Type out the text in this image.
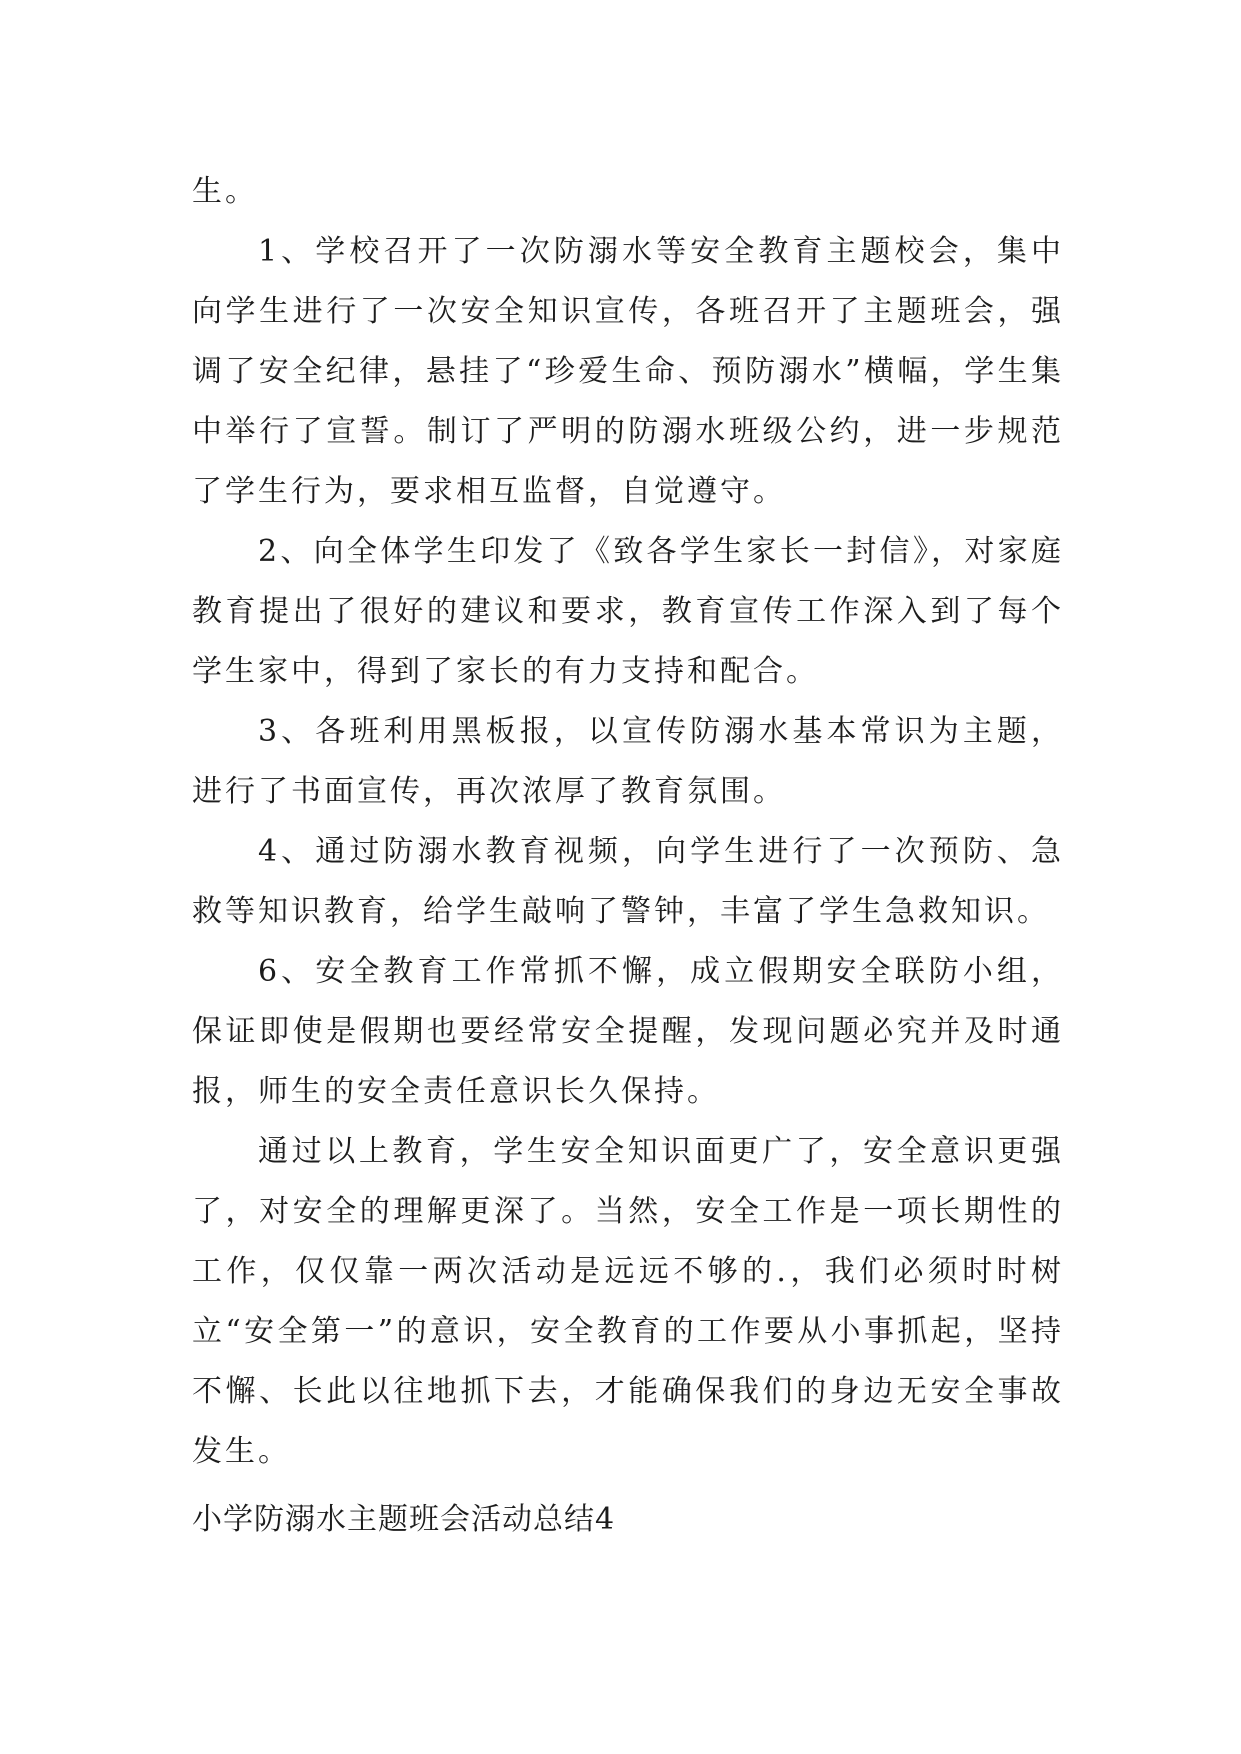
生。

1、学校召开了一次防溺水等安全教育主题校会，集中向学生进行了一次安全知识宣传，各班召开了主题班会，强调了安全纪律，悬挂了“珍爱生命、预防溺水”横幅，学生集中举行了宣誓。制订了严明的防溺水班级公约，进一步规范了学生行为，要求相互监督，自觉遵守。

2、向全体学生印发了《致各学生家长一封信》，对家庭教育提出了很好的建议和要求，教育宣传工作深入到了每个学生家中，得到了家长的有力支持和配合。

3、各班利用黑板报，以宣传防溺水基本常识为主题，进行了书面宣传，再次浓厚了教育氛围。

4、通过防溺水教育视频，向学生进行了一次预防、急救等知识教育，给学生敲响了警钟，丰富了学生急救知识。

6、安全教育工作常抓不懈，成立假期安全联防小组，保证即使是假期也要经常安全提醒，发现问题必究并及时通报，师生的安全责任意识长久保持。

通过以上教育，学生安全知识面更广了，安全意识更强了，对安全的理解更深了。当然，安全工作是一项长期性的工作，仅仅靠一两次活动是远远不够的.，我们必须时时树立“安全第一”的意识，安全教育的工作要从小事抓起，坚持不懈、长此以往地抓下去，才能确保我们的身边无安全事故发生。

小学防溺水主题班会活动总结4
